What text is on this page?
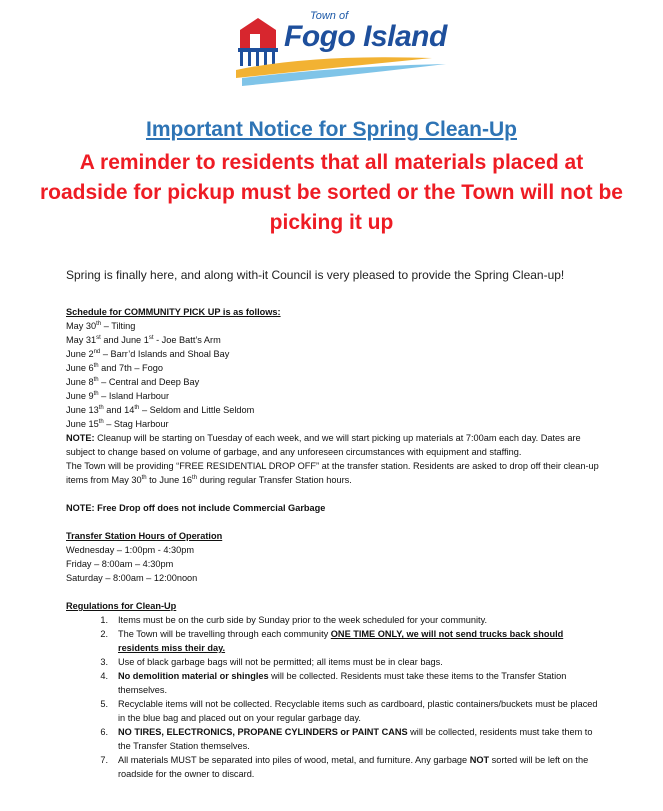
Town of
Fogo Island
Important Notice for Spring Clean-Up
A reminder to residents that all materials placed at roadside for pickup must be sorted or the Town will not be picking it up
Spring is finally here, and along with-it Council is very pleased to provide the Spring Clean-up!
Schedule for COMMUNITY PICK UP is as follows:
May 30th – Tilting
May 31st and June 1st - Joe Batt’s Arm
June 2nd – Barr’d Islands and Shoal Bay
June 6th and 7th – Fogo
June 8th – Central and Deep Bay
June 9th – Island Harbour
June 13th and 14th – Seldom and Little Seldom
June 15th – Stag Harbour
NOTE: Cleanup will be starting on Tuesday of each week, and we will start picking up materials at 7:00am each day. Dates are subject to change based on volume of garbage, and any unforeseen circumstances with equipment and staffing.
The Town will be providing “FREE RESIDENTIAL DROP OFF” at the transfer station. Residents are asked to drop off their clean-up items from May 30th to June 16th during regular Transfer Station hours.
NOTE: Free Drop off does not include Commercial Garbage
Transfer Station Hours of Operation
Wednesday – 1:00pm - 4:30pm
Friday – 8:00am – 4:30pm
Saturday – 8:00am – 12:00noon
Regulations for Clean-Up
1.	Items must be on the curb side by Sunday prior to the week scheduled for your community.
2.	The Town will be travelling through each community ONE TIME ONLY, we will not send trucks back should residents miss their day.
3.	Use of black garbage bags will not be permitted; all items must be in clear bags.
4.	No demolition material or shingles will be collected. Residents must take these items to the Transfer Station themselves.
5.	Recyclable items will not be collected. Recyclable items such as cardboard, plastic containers/buckets must be placed in the blue bag and placed out on your regular garbage day.
6.	NO TIRES, ELECTRONICS, PROPANE CYLINDERS or PAINT CANS will be collected, residents must take them to the Transfer Station themselves.
7.	All materials MUST be separated into piles of wood, metal, and furniture. Any garbage NOT sorted will be left on the roadside for the owner to discard.
